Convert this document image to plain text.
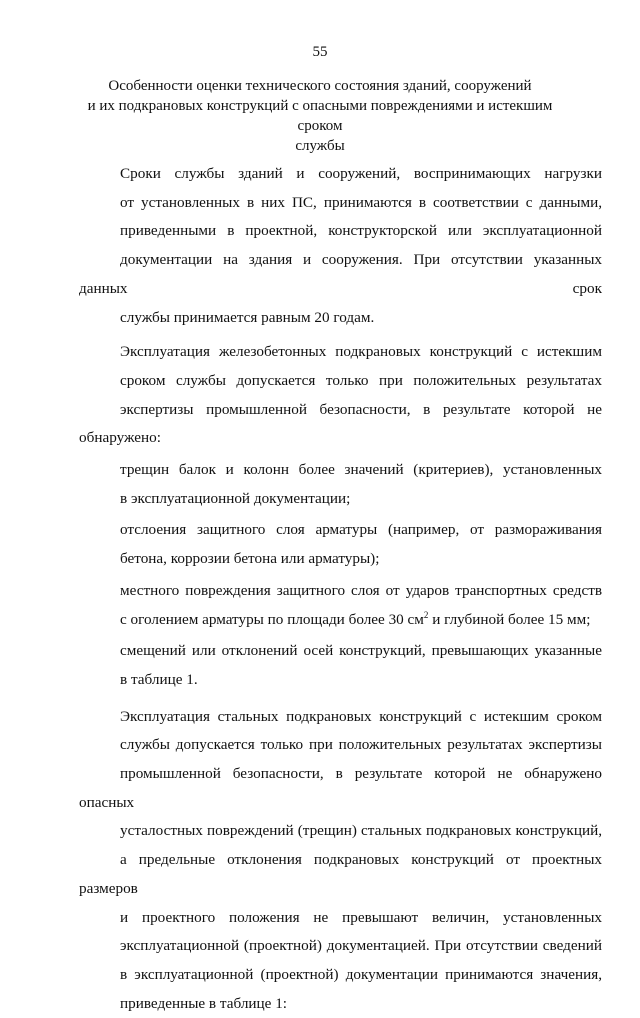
55
Особенности оценки технического состояния зданий, сооружений
и их подкрановых конструкций с опасными повреждениями и истекшим сроком
службы

Сроки службы зданий и сооружений, воспринимающих нагрузки
от установленных в них ПС, принимаются в соответствии с данными,
приведенными в проектной, конструкторской или эксплуатационной
документации на здания и сооружения. При отсутствии указанных данных срок
службы принимается равным 20 годам.

Эксплуатация железобетонных подкрановых конструкций с истекшим
сроком службы допускается только при положительных результатах
экспертизы промышленной безопасности, в результате которой не обнаружено:

трещин балок и колонн более значений (критериев), установленных
в эксплуатационной документации;

отслоения защитного слоя арматуры (например, от размораживания
бетона, коррозии бетона или арматуры);

местного повреждения защитного слоя от ударов транспортных средств
с оголением арматуры по площади более 30 $см^2$ и глубиной более 15 мм;

смещений или отклонений осей конструкций, превышающих указанные
в таблице 1.

Эксплуатация стальных подкрановых конструкций с истекшим сроком
службы допускается только при положительных результатах экспертизы
промышленной безопасности, в результате которой не обнаружено опасных
усталостных повреждений (трещин) стальных подкрановых конструкций,
а предельные отклонения подкрановых конструкций от проектных размеров
и проектного положения не превышают величин, установленных
эксплуатационной (проектной) документацией. При отсутствии сведений
в эксплуатационной (проектной) документации принимаются значения,
приведенные в таблице 1:
